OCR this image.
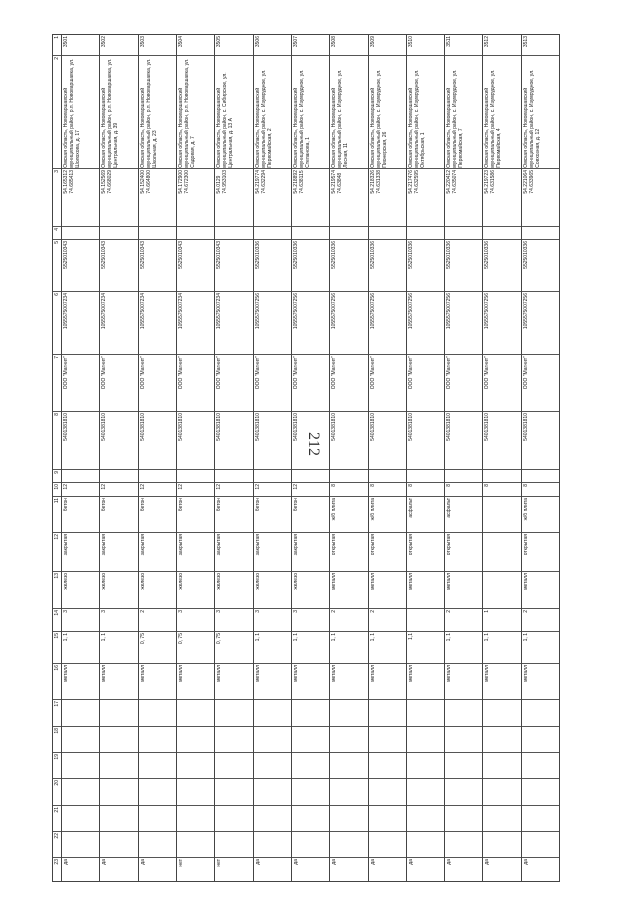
212
1
2
3
4
5
6
7
8
9
10
11
12
13
14
15
16
17
18
19
20
21
22
23
3501
Омская область, Нововаршавский муниципальный район, р.п. Нововаршавка, ул. Шолохова, д. 17
54.165312
74.685413
5525010343
1055575007234
ООО "Магнит"
5401381810
12
бетон
закрытая
железо
3
1, 1
металл
да
3502
Омская область, Нововаршавский муниципальный район, р.п. Нововаршавка, ул. Центральная, д. 39
54.152569
74.668029
5525010343
1055575007234
ООО "Магнит"
5401381810
12
бетон
закрытая
железо
3
1, 1
металл
да
3503
Омская область, Нововаршавский муниципальный район, р.п. Нововаршавка, ул. Школьная, д. 23
54.152400
74.664800
5525010343
1055575007234
ООО "Магнит"
5401381810
12
бетон
закрытая
железо
2
0, 75
металл
да
3504
Омская область, Нововаршавский муниципальный район, р.п. Нововаршавка, ул. Садовая, д. 7
54.172900
74.672300
5525010343
1055575007234
ООО "Магнит"
5401381810
12
бетон
закрытая
железо
3
0, 75
металл
нет
3505
Омская область, Нововаршавский муниципальный район, с. Сибирское, ул. Центральная, д. 13 А
54.0129
74.953103
5525010343
1055575007234
ООО "Магнит"
5401381810
12
бетон
закрытая
железо
3
0, 75
металл
нет
3506
Омская область, Нововаршавский муниципальный район, с. Изумрудное, ул. Первомайская, 2
54.219774
74.632294
5525010336
1055575007256
ООО "Магнит"
5401381810
12
бетон
закрытая
железо
3
1, 1
металл
да
3507
Омская область, Нововаршавский муниципальный район, с. Изумрудное, ул. Степанова, 1
54.218892
74.638115
5525010336
1055575007256
ООО "Магнит"
5401381810
12
бетон
закрытая
железо
3
1, 1
металл
да
3508
Омская область, Нововаршавский муниципальный район, с. Изумрудное, ул. Лесная, 11
54.219574
74.63848
5525010336
1055575007256
ООО "Магнит"
5401381810
8
ж/б плита
открытая
металл
2
1, 1
металл
да
3509
Омская область, Нововаршавский муниципальный район, с. Изумрудное, ул. Пионерская, 26
54.218326
74.631338
5525010336
1055575007256
ООО "Магнит"
5401381810
8
ж/б плита
открытая
металл
2
1, 1
металл
да
3510
Омская область, Нововаршавский муниципальный район, с. Изумрудное, ул. Октябрьская, 1
54.217476
74.632595
5525010336
1055575007256
ООО "Магнит"
5401381810
8
асфальт
открытая
металл
1,1
металл
да
3511
Омская область, Нововаршавский муниципальный район, с. Изумрудное, ул. Первомайская, 7
54.220412
74.635074
5525010336
1055575007256
ООО "Магнит"
5401381810
8
асфальт
открытая
металл
2
1, 1
металл
да
3512
Омская область, Нововаршавский муниципальный район, с. Изумрудное, ул. Первомайская, 4
54.219723
74.631586
5525010336
1055575007256
ООО "Магнит"
5401381810
8
1
1, 1
металл
да
3513
Омская область, Нововаршавский муниципальный район, с. Изумрудное, ул. Совхозная, д. 12
54.221064
74.633965
5525010336
1055575007256
ООО "Магнит"
5401381810
8
ж/б плита
открытая
металл
2
1, 1
металл
да
